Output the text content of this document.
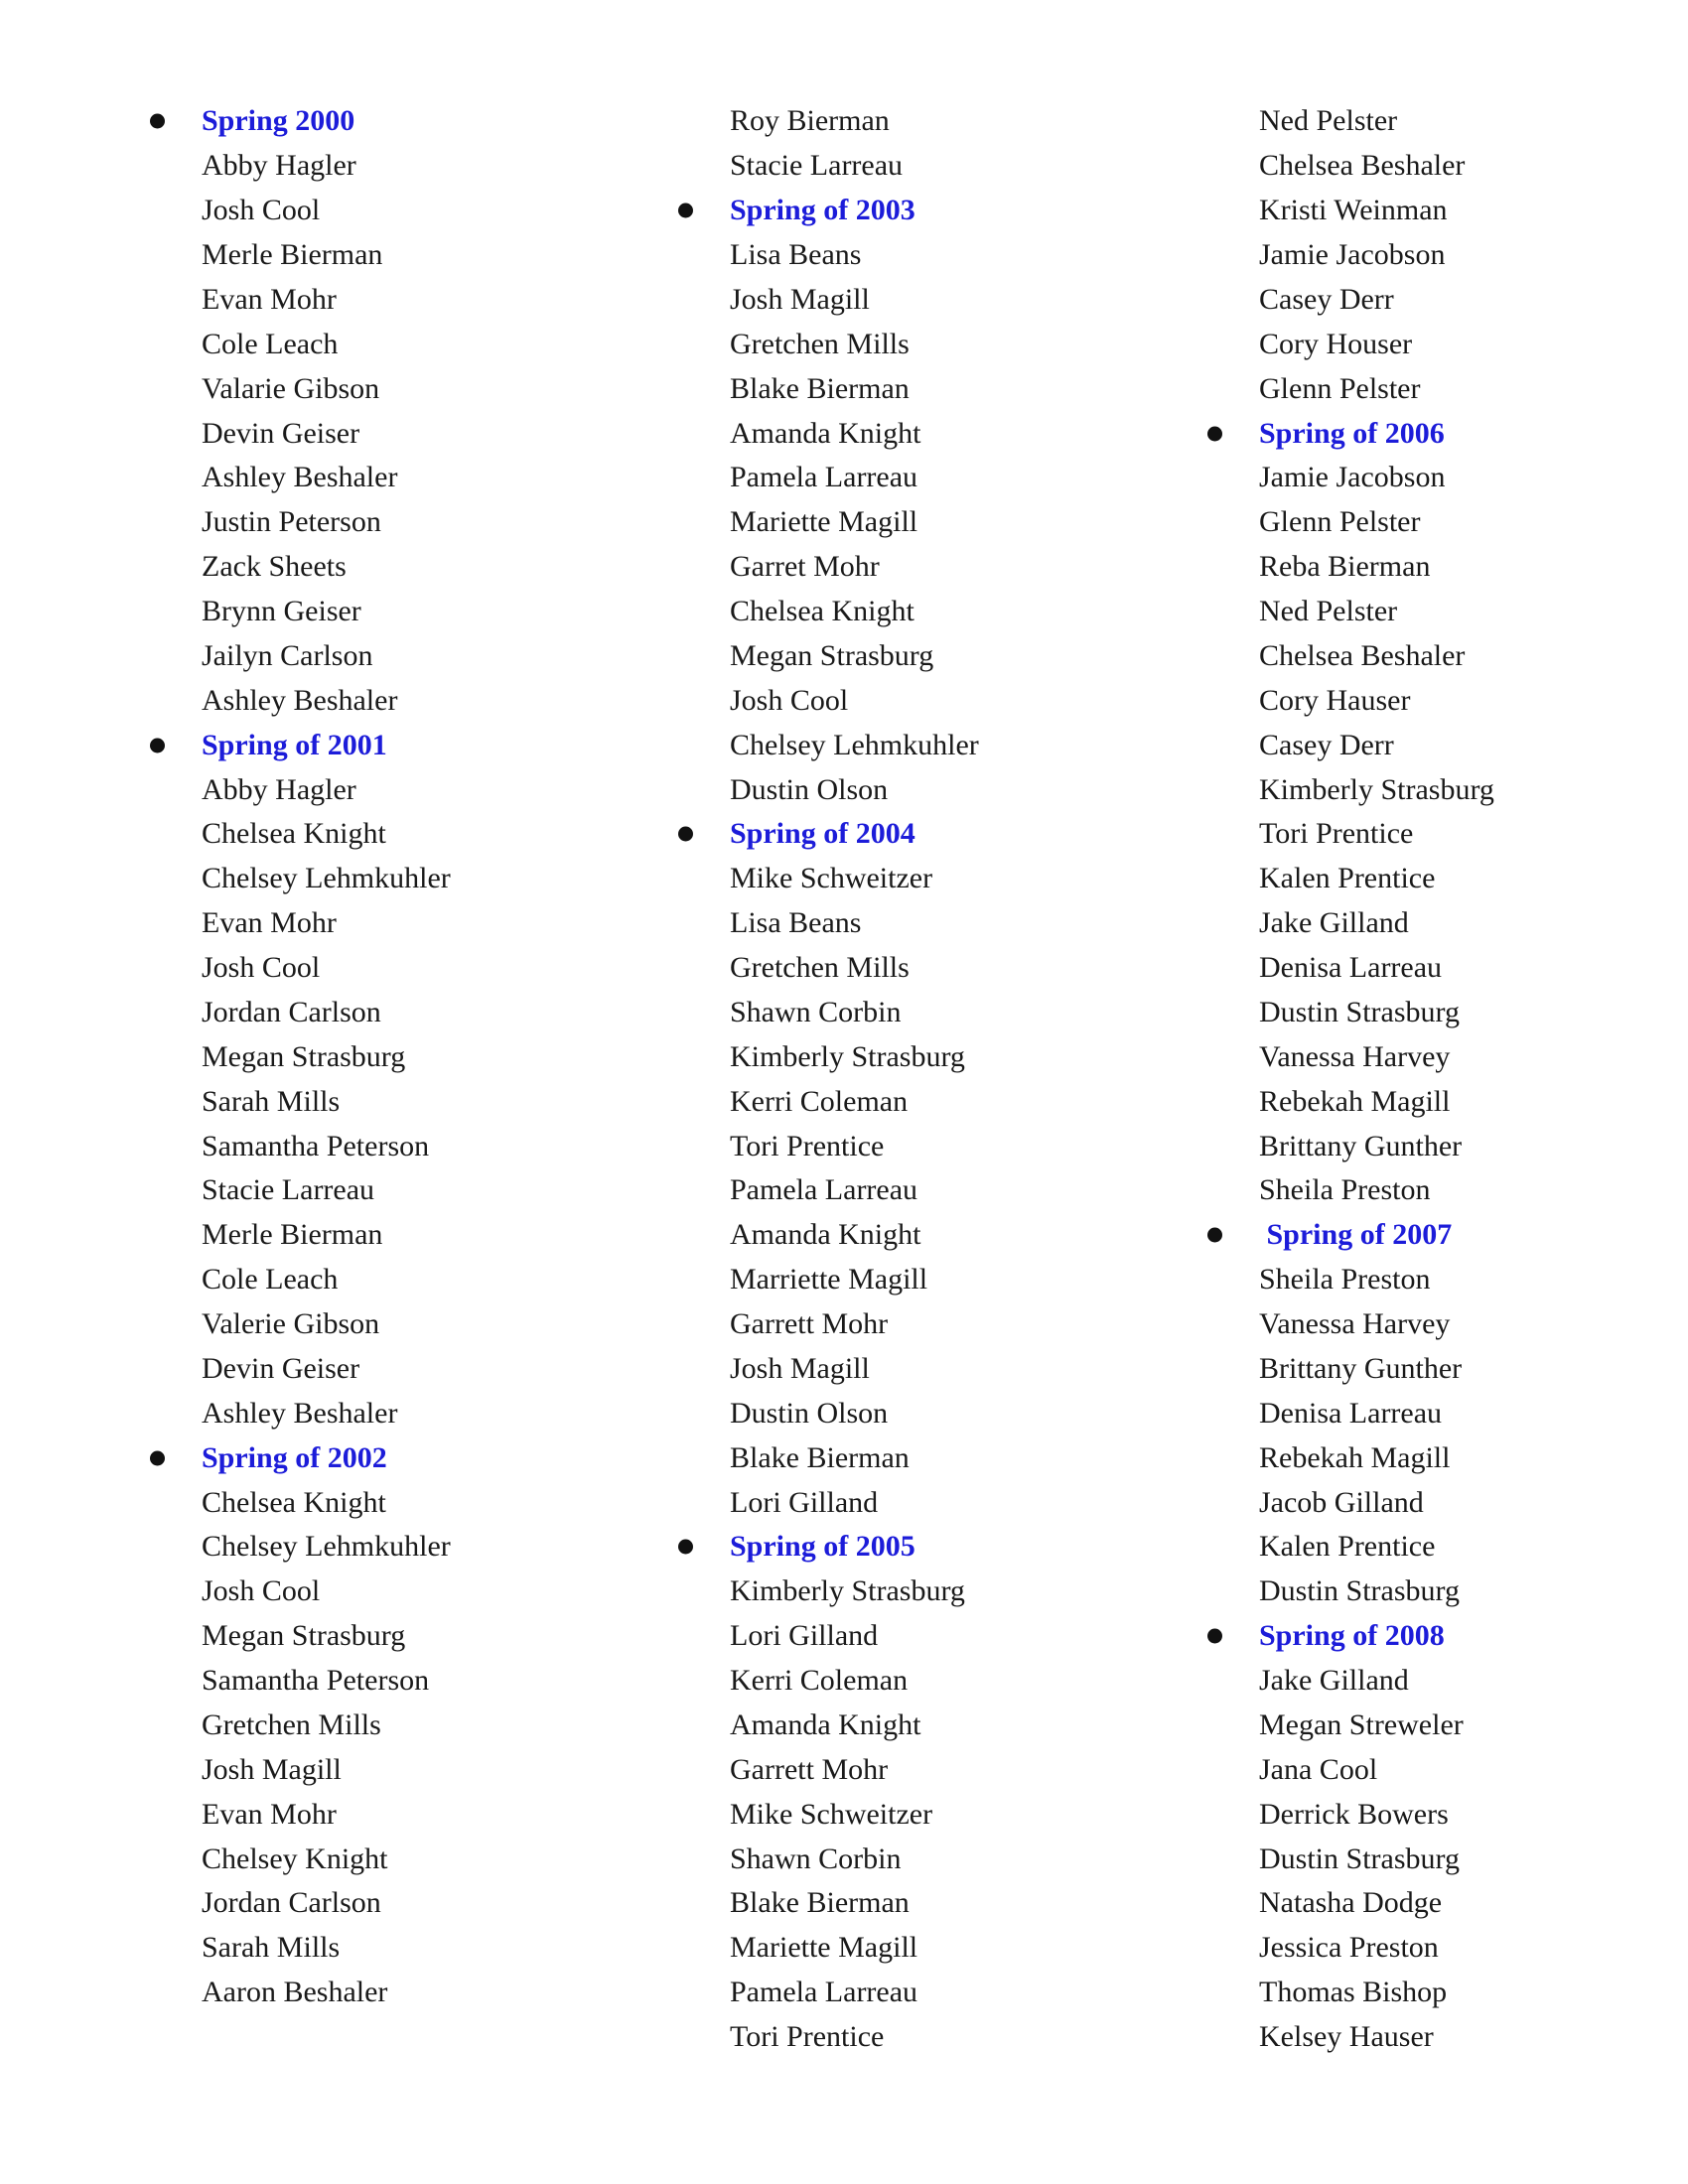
Spring 2000
Abby Hagler
Josh Cool
Merle Bierman
Evan Mohr
Cole Leach
Valarie Gibson
Devin Geiser
Ashley Beshaler
Justin Peterson
Zack Sheets
Brynn Geiser
Jailyn Carlson
Ashley Beshaler
Spring of 2001
Abby Hagler
Chelsea Knight
Chelsey Lehmkuhler
Evan Mohr
Josh Cool
Jordan Carlson
Megan Strasburg
Sarah Mills
Samantha Peterson
Stacie Larreau
Merle Bierman
Cole Leach
Valerie Gibson
Devin Geiser
Ashley Beshaler
Spring of 2002
Chelsea Knight
Chelsey Lehmkuhler
Josh Cool
Megan Strasburg
Samantha Peterson
Gretchen Mills
Josh Magill
Evan Mohr
Chelsey Knight
Jordan Carlson
Sarah Mills
Aaron Beshaler
Roy Bierman
Stacie Larreau
Spring of 2003
Lisa Beans
Josh Magill
Gretchen Mills
Blake Bierman
Amanda Knight
Pamela Larreau
Mariette Magill
Garret Mohr
Chelsea Knight
Megan Strasburg
Josh Cool
Chelsey Lehmkuhler
Dustin Olson
Spring of 2004
Mike Schweitzer
Lisa Beans
Gretchen Mills
Shawn Corbin
Kimberly Strasburg
Kerri Coleman
Tori Prentice
Pamela Larreau
Amanda Knight
Marriette Magill
Garrett Mohr
Josh Magill
Dustin Olson
Blake Bierman
Lori Gilland
Spring of 2005
Kimberly Strasburg
Lori Gilland
Kerri Coleman
Amanda Knight
Garrett Mohr
Mike Schweitzer
Shawn Corbin
Blake Bierman
Mariette Magill
Pamela Larreau
Tori Prentice
Ned Pelster
Chelsea Beshaler
Kristi Weinman
Jamie Jacobson
Casey Derr
Cory Houser
Glenn Pelster
Spring of 2006
Jamie Jacobson
Glenn Pelster
Reba Bierman
Ned Pelster
Chelsea Beshaler
Cory Hauser
Casey Derr
Kimberly Strasburg
Tori Prentice
Kalen Prentice
Jake Gilland
Denisa Larreau
Dustin Strasburg
Vanessa Harvey
Rebekah Magill
Brittany Gunther
Sheila Preston
Spring of 2007
Sheila Preston
Vanessa Harvey
Brittany Gunther
Denisa Larreau
Rebekah Magill
Jacob Gilland
Kalen Prentice
Dustin Strasburg
Spring of 2008
Jake Gilland
Megan Streweler
Jana Cool
Derrick Bowers
Dustin Strasburg
Natasha Dodge
Jessica Preston
Thomas Bishop
Kelsey Hauser
